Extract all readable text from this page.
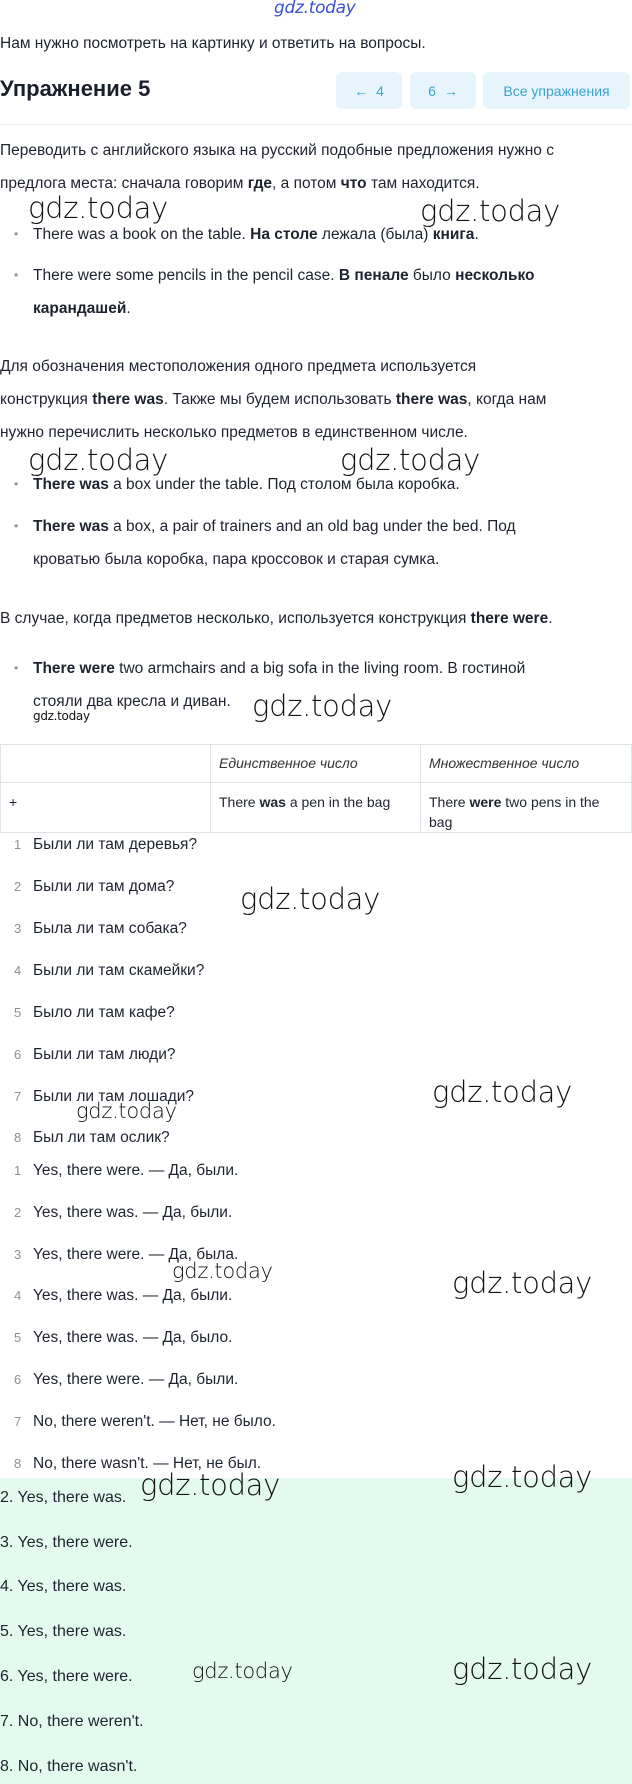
Нам нужно посмотреть на картинку и ответить на вопросы.
Упражнение 5	← 4	6 →	Все упражнения
Переводить с английского языка на русский подобные предложения нужно с
предлога места: сначала говорим где, а потом что там находится.
• There was a book on the table. На столе лежала (была) книга.
• There were some pencils in the pencil case. В пенале было несколько
карандашей.
Для обозначения местоположения одного предмета используется
конструкция there was. Также мы будем использовать there was, когда нам
нужно перечислить несколько предметов в единственном числе.
• There was a box under the table. Под столом была коробка.
• There was a box, a pair of trainers and an old bag under the bed. Под
кроватью была коробка, пара кроссовок и старая сумка.
В случае, когда предметов несколько, используется конструкция there were.
• There were two armchairs and a big sofa in the living room. В гостиной
стояли два кресла и диван.
	Единственное число	Множественное число
+	There was a pen in the bag	There were two pens in the
bag
1 Были ли там деревья?
2 Были ли там дома?
3 Была ли там собака?
4 Были ли там скамейки?
5 Было ли там кафе?
6 Были ли там люди?
7 Были ли там лошади?
8 Был ли там ослик?
1 Yes, there were. — Да, были.
2 Yes, there was. — Да, были.
3 Yes, there were. — Да, была.
4 Yes, there was. — Да, были.
5 Yes, there was. — Да, было.
6 Yes, there were. — Да, были.
7 No, there weren't. — Нет, не было.
8 No, there wasn't. — Нет, не был.
2. Yes, there was.
3. Yes, there were.
4. Yes, there was.
5. Yes, there was.
6. Yes, there were.
7. No, there weren't.
8. No, there wasn't.
gdz.today
gdz.today	gdz.today
gdz.today	gdz.today
gdz.today
gdz.today
gdz.today
gdz.today
gdz.today
gdz.today	gdz.today
gdz.today	gdz.today
gdz.today	gdz.today
